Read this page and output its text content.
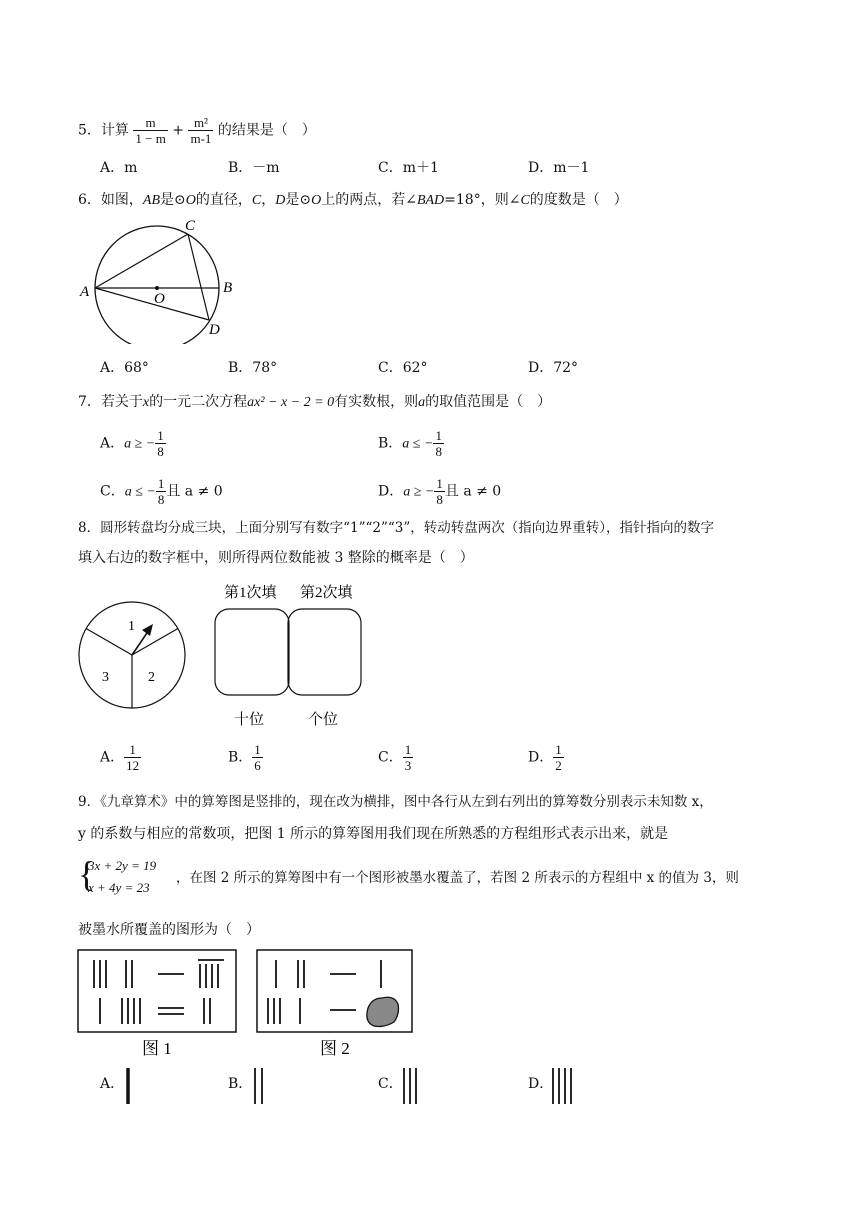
5．计算 $\frac{m}{1 - m} + \frac{\text{m²}}{m-1}$ 的结果是（　）
A．m	B．－m	C．m＋1	D．m－1
6．如图，AB是⊙O的直径，C，D是⊙O上的两点，若∠BAD=18°，则∠C的度数是（　）
A	B
C
D
O
A．68°	B．78°	C．62°	D．72°
7．若关于x的一元二次方程ax² − x − 2 = 0有实数根，则a的取值范围是（　）
A．a ≥ − $\frac{1}{8}$	B．a ≤ − $\frac{1}{8}$
C．a ≤ − $\frac{1}{8}$ 且 a ≠ 0	D．a ≥ − $\frac{1}{8}$ 且 a ≠ 0
8．圆形转盘均分成三块，上面分别写有数字“1”“2”“3”，转动转盘两次（指向边界重转），指针指向的数字
填入右边的数字框中，则所得两位数能被 3 整除的概率是（　）
1
2
3
第1次填 第2次填
十位	个位
A． $\frac{1}{12}$	B． $\frac{1}{6}$	C． $\frac{1}{3}$	D． $\frac{1}{2}$
9．《九章算术》中的算筹图是竖排的，现在改为横排，图中各行从左到右列出的算筹数分别表示未知数 x，
y 的系数与相应的常数项，把图 1 所示的算筹图用我们现在所熟悉的方程组形式表示出来，就是
{
3x + 2y = 19
x + 4y = 23
，在图 2 所示的算筹图中有一个图形被墨水覆盖了，若图 2 所表示的方程组中 x 的值为 3，则
被墨水所覆盖的图形为（　）
图 1	图 2
A．	B．	C．	D．
